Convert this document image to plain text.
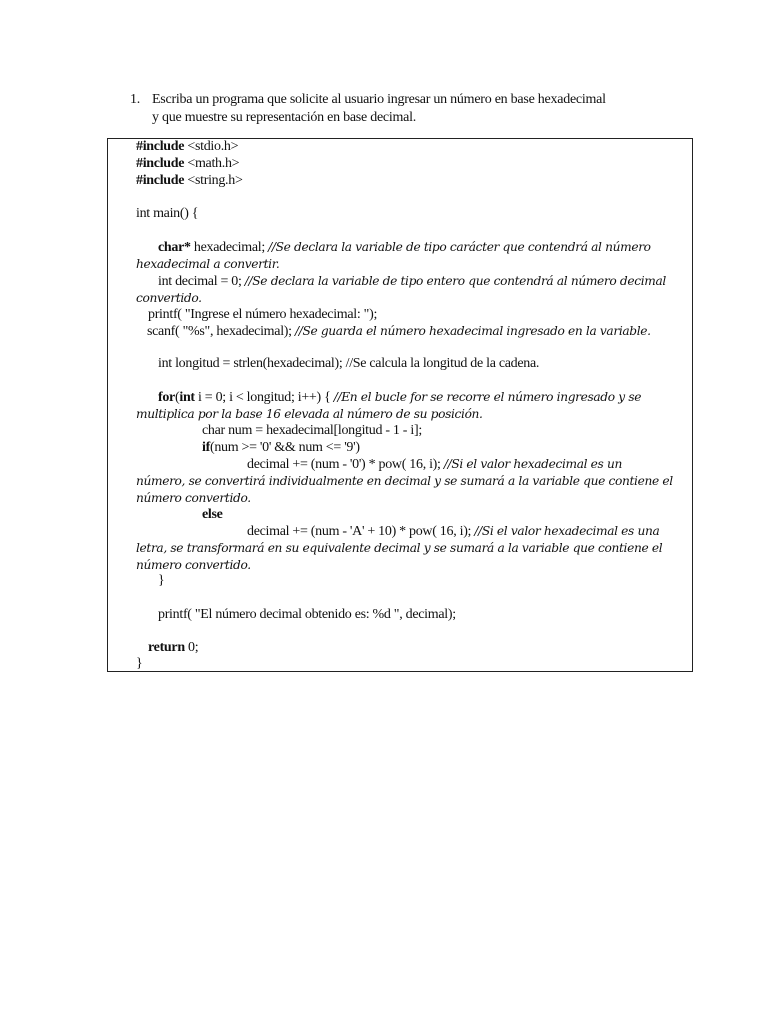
1. Escriba un programa que solicite al usuario ingresar un número en base hexadecimal
y que muestre su representación en base decimal.

#include <stdio.h>

#include <math.h>

#include <string.h>

int main() {

char* hexadecimal; //Se declara la variable de tipo carácter que contendrá al número

hexadecimal a convertir.

int decimal = 0; //Se declara la variable de tipo entero que contendrá al número decimal

convertido.

printf( "Ingrese el número hexadecimal: ");

scanf( "%s", hexadecimal); //Se guarda el número hexadecimal ingresado en la variable.

int longitud = strlen(hexadecimal); //Se calcula la longitud de la cadena.

for(int i = 0; i < longitud; i++) { //En el bucle for se recorre el número ingresado y se

multiplica por la base 16 elevada al número de su posición.

char num = hexadecimal[longitud - 1 - i];

if(num >= '0' && num <= '9')

decimal += (num - '0') * pow( 16, i); //Si el valor hexadecimal es un

número, se convertirá individualmente en decimal y se sumará a la variable que contiene el

número convertido.

else

decimal += (num - 'A' + 10) * pow( 16, i); //Si el valor hexadecimal es una

letra, se transformará en su equivalente decimal y se sumará a la variable que contiene el

número convertido.

}

printf( "El número decimal obtenido es: %d ", decimal);

return 0;

}
